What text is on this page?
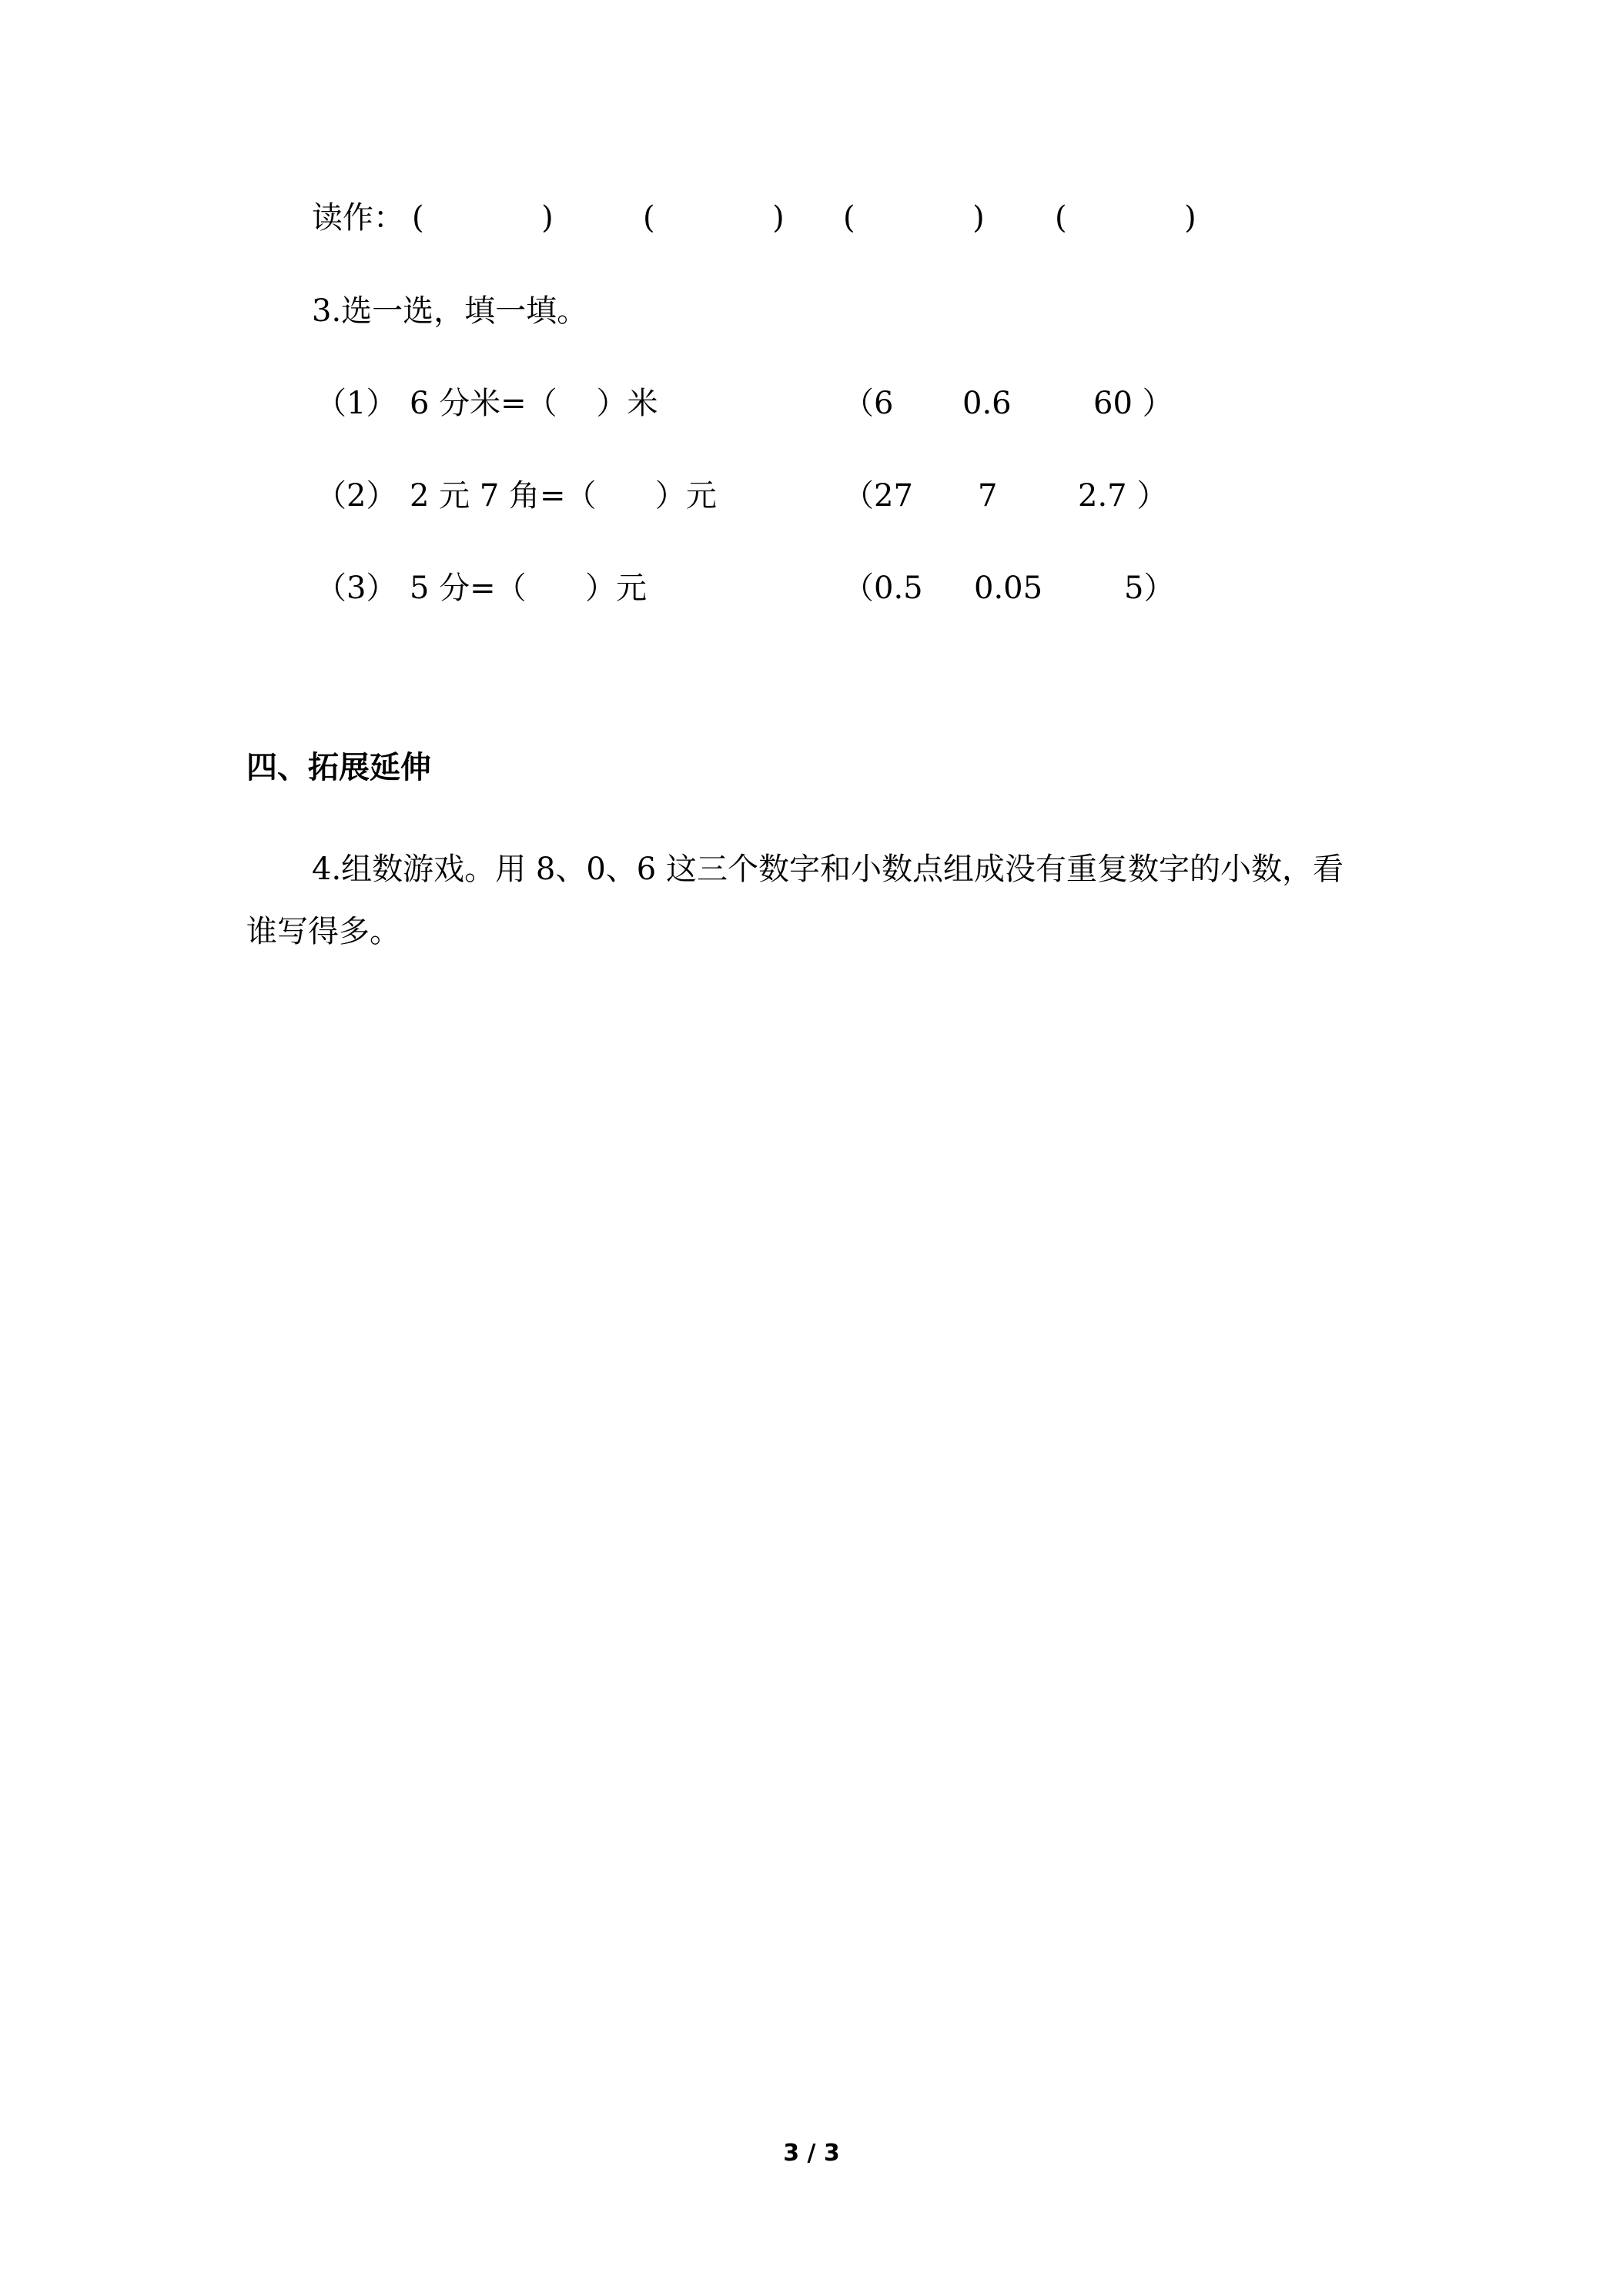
读作： (            )	(            ) (            ) (            )
3.选一选，填一填。
（1） 6 分米=（    ）米	（6 0.6	60 ）
（2） 2 元 7 角=（      ）元	（27 7	2.7 ）
（3） 5 分=（      ）元	（0.5 0.05	5）
四、拓展延伸
4.组数游戏。用 8、0、6 这三个数字和小数点组成没有重复数字的小数，看
谁写得多。
3 / 3
